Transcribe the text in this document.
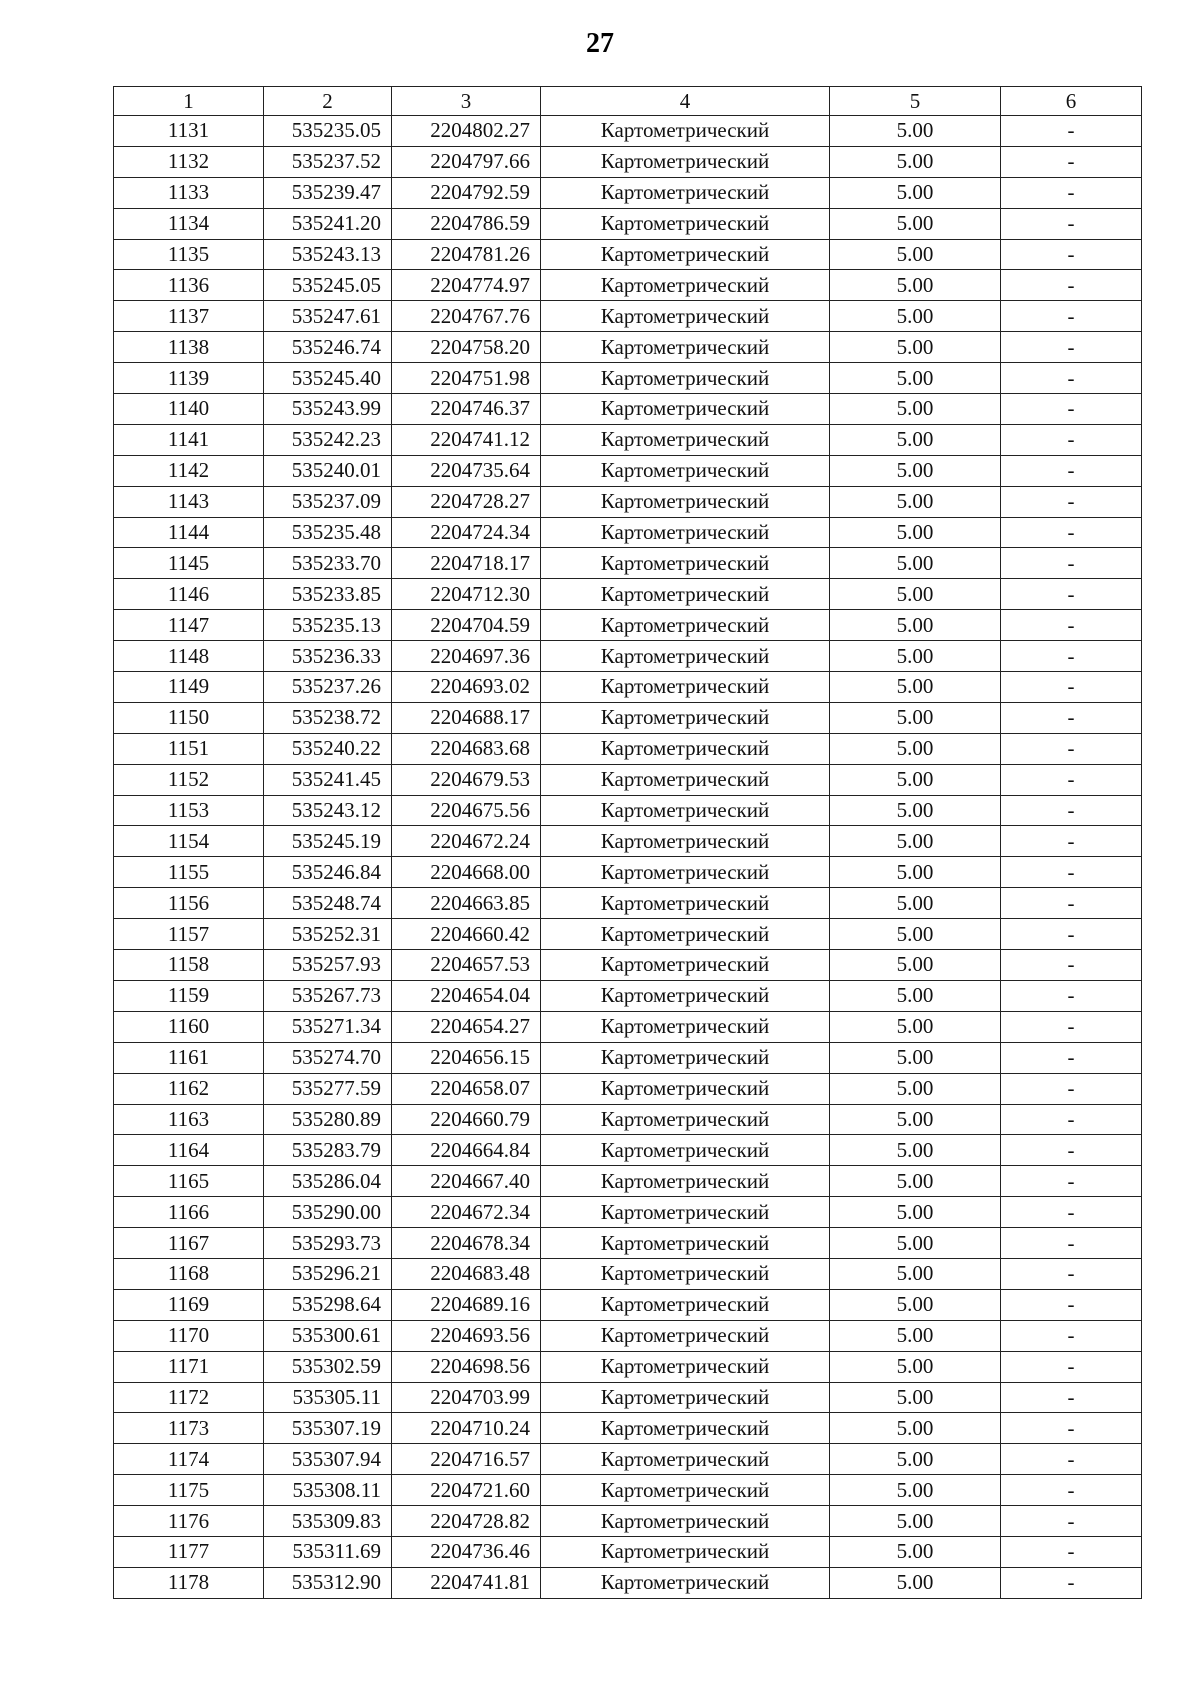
27
1	2	3	4	5	6
1131	535235.05	2204802.27	Картометрический	5.00	-
1132	535237.52	2204797.66	Картометрический	5.00	-
1133	535239.47	2204792.59	Картометрический	5.00	-
1134	535241.20	2204786.59	Картометрический	5.00	-
1135	535243.13	2204781.26	Картометрический	5.00	-
1136	535245.05	2204774.97	Картометрический	5.00	-
1137	535247.61	2204767.76	Картометрический	5.00	-
1138	535246.74	2204758.20	Картометрический	5.00	-
1139	535245.40	2204751.98	Картометрический	5.00	-
1140	535243.99	2204746.37	Картометрический	5.00	-
1141	535242.23	2204741.12	Картометрический	5.00	-
1142	535240.01	2204735.64	Картометрический	5.00	-
1143	535237.09	2204728.27	Картометрический	5.00	-
1144	535235.48	2204724.34	Картометрический	5.00	-
1145	535233.70	2204718.17	Картометрический	5.00	-
1146	535233.85	2204712.30	Картометрический	5.00	-
1147	535235.13	2204704.59	Картометрический	5.00	-
1148	535236.33	2204697.36	Картометрический	5.00	-
1149	535237.26	2204693.02	Картометрический	5.00	-
1150	535238.72	2204688.17	Картометрический	5.00	-
1151	535240.22	2204683.68	Картометрический	5.00	-
1152	535241.45	2204679.53	Картометрический	5.00	-
1153	535243.12	2204675.56	Картометрический	5.00	-
1154	535245.19	2204672.24	Картометрический	5.00	-
1155	535246.84	2204668.00	Картометрический	5.00	-
1156	535248.74	2204663.85	Картометрический	5.00	-
1157	535252.31	2204660.42	Картометрический	5.00	-
1158	535257.93	2204657.53	Картометрический	5.00	-
1159	535267.73	2204654.04	Картометрический	5.00	-
1160	535271.34	2204654.27	Картометрический	5.00	-
1161	535274.70	2204656.15	Картометрический	5.00	-
1162	535277.59	2204658.07	Картометрический	5.00	-
1163	535280.89	2204660.79	Картометрический	5.00	-
1164	535283.79	2204664.84	Картометрический	5.00	-
1165	535286.04	2204667.40	Картометрический	5.00	-
1166	535290.00	2204672.34	Картометрический	5.00	-
1167	535293.73	2204678.34	Картометрический	5.00	-
1168	535296.21	2204683.48	Картометрический	5.00	-
1169	535298.64	2204689.16	Картометрический	5.00	-
1170	535300.61	2204693.56	Картометрический	5.00	-
1171	535302.59	2204698.56	Картометрический	5.00	-
1172	535305.11	2204703.99	Картометрический	5.00	-
1173	535307.19	2204710.24	Картометрический	5.00	-
1174	535307.94	2204716.57	Картометрический	5.00	-
1175	535308.11	2204721.60	Картометрический	5.00	-
1176	535309.83	2204728.82	Картометрический	5.00	-
1177	535311.69	2204736.46	Картометрический	5.00	-
1178	535312.90	2204741.81	Картометрический	5.00	-
